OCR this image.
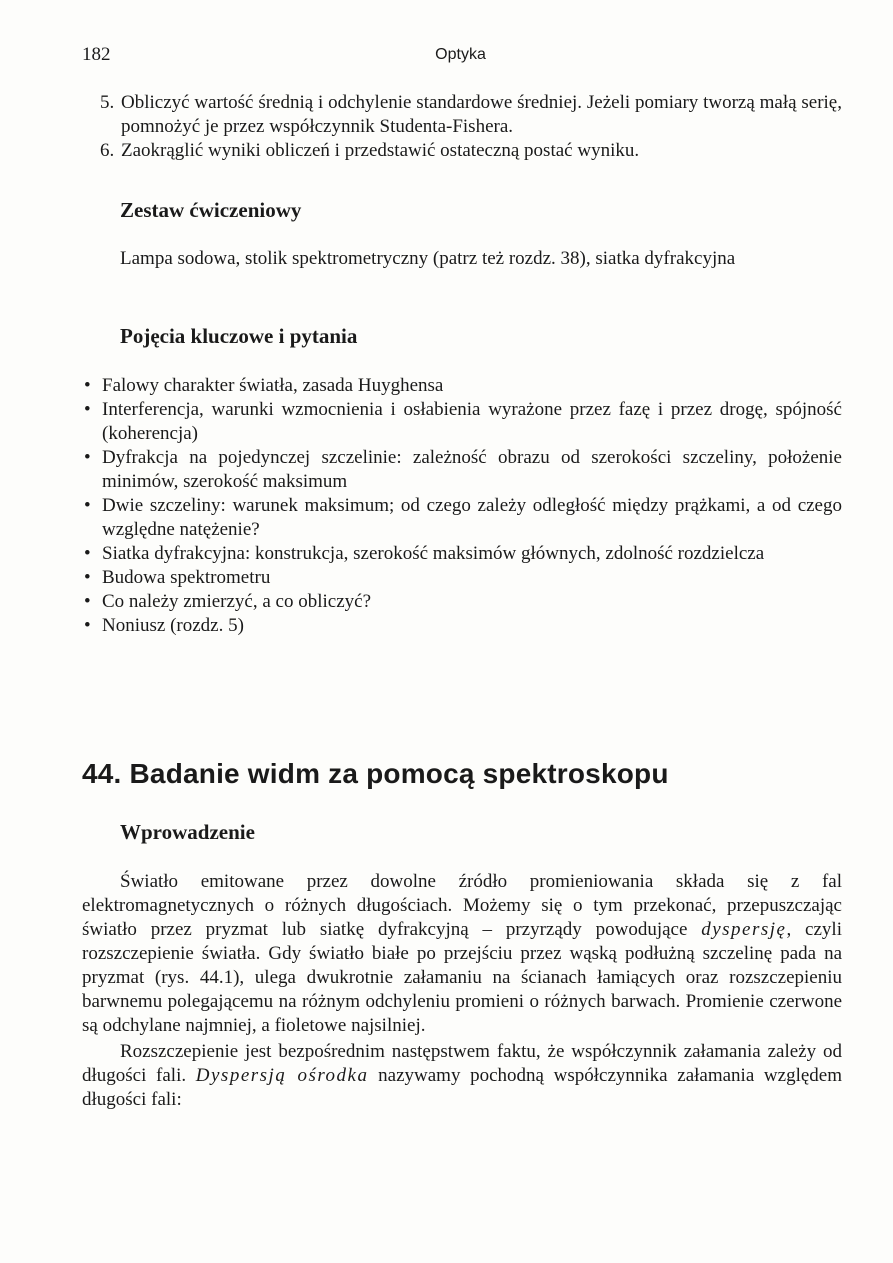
182	Optyka
5. Obliczyć wartość średnią i odchylenie standardowe średniej. Jeżeli pomiary tworzą małą serię, pomnożyć je przez współczynnik Studenta-Fishera.
6. Zaokrąglić wyniki obliczeń i przedstawić ostateczną postać wyniku.
Zestaw ćwiczeniowy
Lampa sodowa, stolik spektrometryczny (patrz też rozdz. 38), siatka dyfrakcyjna
Pojęcia kluczowe i pytania
• Falowy charakter światła, zasada Huyghensa
• Interferencja, warunki wzmocnienia i osłabienia wyrażone przez fazę i przez drogę, spójność (koherencja)
• Dyfrakcja na pojedynczej szczelinie: zależność obrazu od szerokości szczeliny, położenie minimów, szerokość maksimum
• Dwie szczeliny: warunek maksimum; od czego zależy odległość między prążkami, a od czego względne natężenie?
• Siatka dyfrakcyjna: konstrukcja, szerokość maksimów głównych, zdolność rozdzielcza
• Budowa spektrometru
• Co należy zmierzyć, a co obliczyć?
• Noniusz (rozdz. 5)
44. Badanie widm za pomocą spektroskopu
Wprowadzenie

Światło emitowane przez dowolne źródło promieniowania składa się z fal elektromagnetycznych o różnych długościach. Możemy się o tym przekonać, przepuszczając światło przez pryzmat lub siatkę dyfrakcyjną – przyrządy powodujące dyspersję, czyli rozszczepienie światła. Gdy światło białe po przejściu przez wąską podłużną szczelinę pada na pryzmat (rys. 44.1), ulega dwukrotnie załamaniu na ścianach łamiących oraz rozszczepieniu barwnemu polegającemu na różnym odchyleniu promieni o różnych barwach. Promienie czerwone są odchylane najmniej, a fioletowe najsilniej.

Rozszczepienie jest bezpośrednim następstwem faktu, że współczynnik załamania zależy od długości fali. Dyspersją ośrodka nazywamy pochodną współczynnika załamania względem długości fali:
